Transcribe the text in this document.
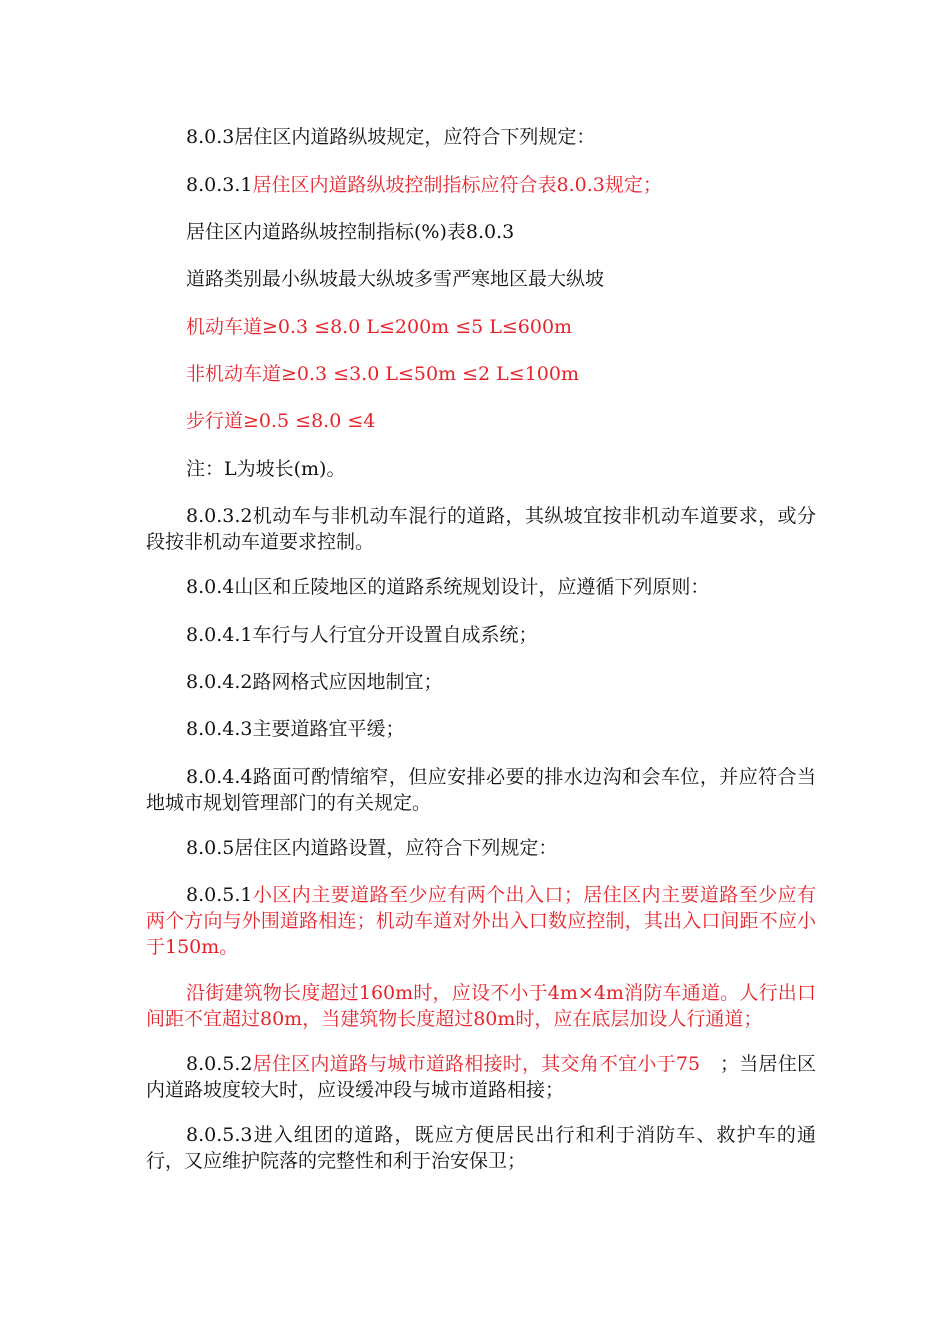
8.0.3居住区内道路纵坡规定，应符合下列规定：
8.0.3.1居住区内道路纵坡控制指标应符合表8.0.3规定；
居住区内道路纵坡控制指标(%)表8.0.3
道路类别最小纵坡最大纵坡多雪严寒地区最大纵坡
机动车道≥0.3 ≤8.0 L≤200m ≤5 L≤600m
非机动车道≥0.3 ≤3.0 L≤50m ≤2 L≤100m
步行道≥0.5 ≤8.0 ≤4
注：L为坡长(m)。
8.0.3.2机动车与非机动车混行的道路，其纵坡宜按非机动车道要求，或分段按非机动车道要求控制。
8.0.4山区和丘陵地区的道路系统规划设计，应遵循下列原则：
8.0.4.1车行与人行宜分开设置自成系统；
8.0.4.2路网格式应因地制宜；
8.0.4.3主要道路宜平缓；
8.0.4.4路面可酌情缩窄，但应安排必要的排水边沟和会车位，并应符合当地城市规划管理部门的有关规定。
8.0.5居住区内道路设置，应符合下列规定：
8.0.5.1小区内主要道路至少应有两个出入口；居住区内主要道路至少应有两个方向与外围道路相连；机动车道对外出入口数应控制，其出入口间距不应小于150m。
沿街建筑物长度超过160m时，应设不小于4m×4m消防车通道。人行出口间距不宜超过80m，当建筑物长度超过80m时，应在底层加设人行通道；
8.0.5.2居住区内道路与城市道路相接时，其交角不宜小于75 ；当居住区内道路坡度较大时，应设缓冲段与城市道路相接；
8.0.5.3进入组团的道路，既应方便居民出行和利于消防车、救护车的通行，又应维护院落的完整性和利于治安保卫；
